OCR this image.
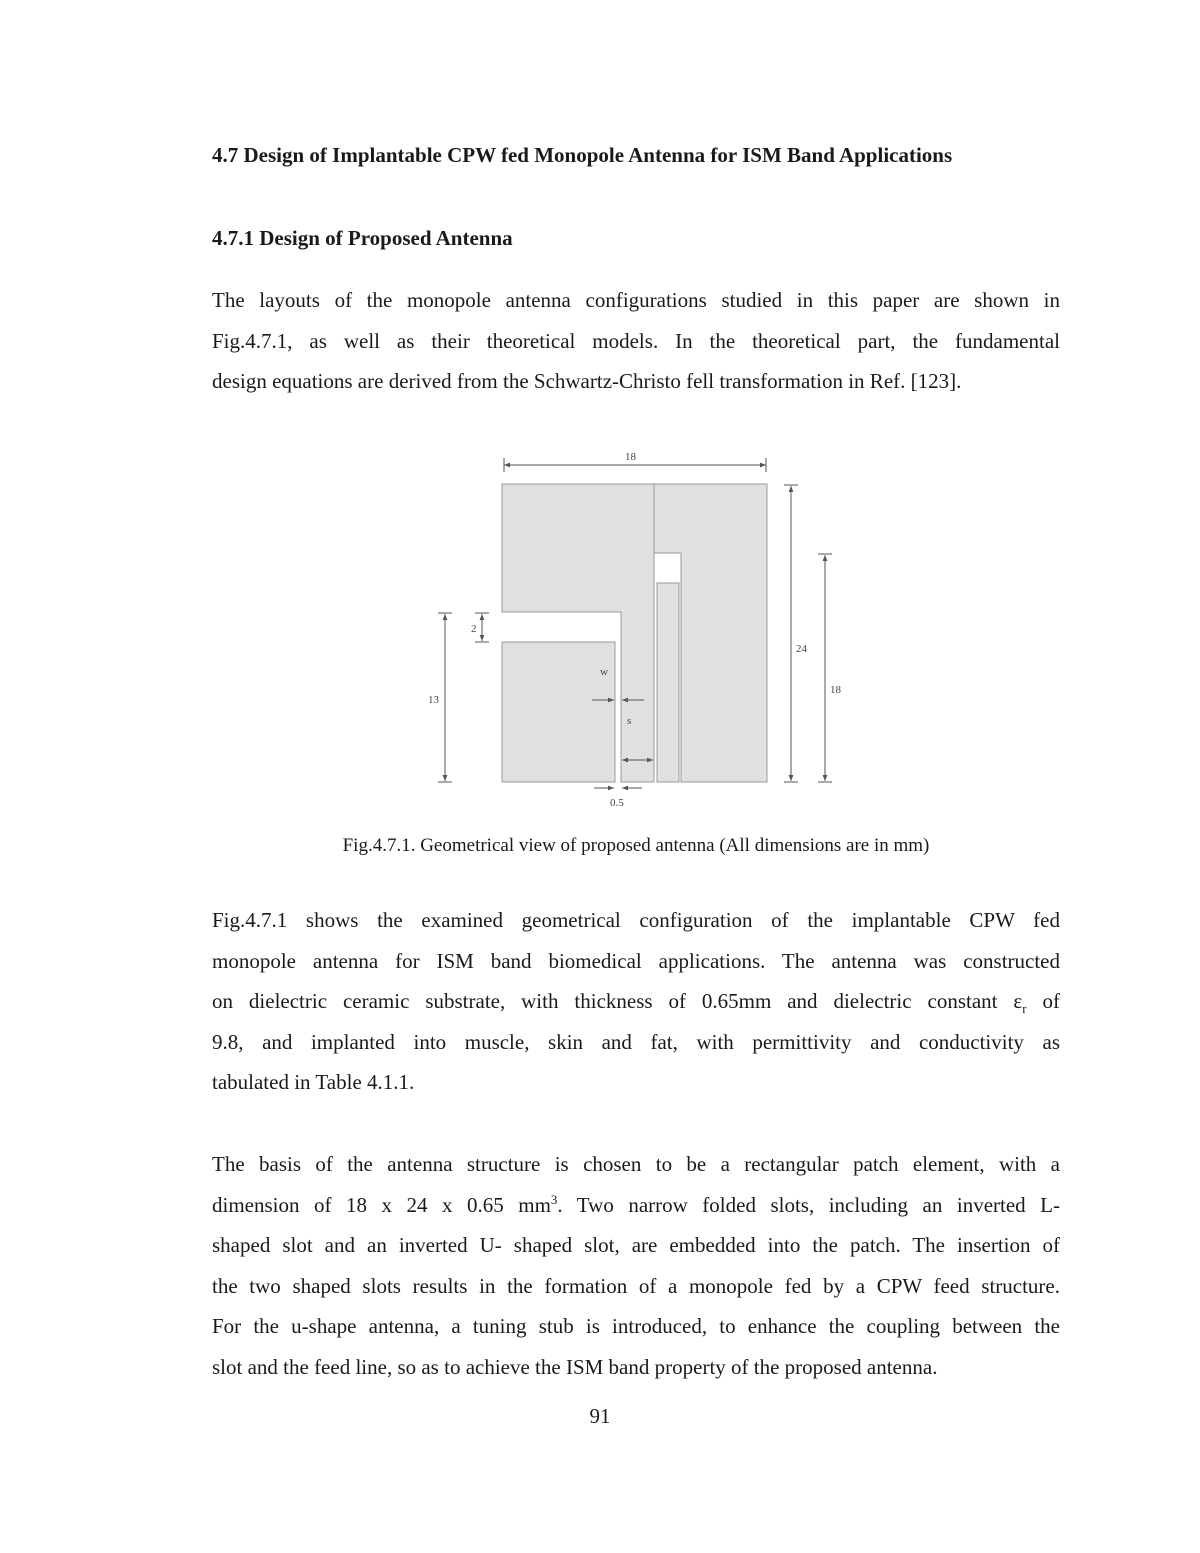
4.7 Design of Implantable CPW fed Monopole Antenna for ISM Band Applications
4.7.1 Design of Proposed Antenna
The layouts of the monopole antenna configurations studied in this paper are shown in
Fig.4.7.1, as well as their theoretical models. In the theoretical part, the fundamental
design equations are derived from the Schwartz-Christo fell transformation in Ref. [123].
18
24
18
13
2
w
s
0.5
Fig.4.7.1. Geometrical view of proposed antenna (All dimensions are in mm)
Fig.4.7.1 shows the examined geometrical configuration of the implantable CPW fed
monopole antenna for ISM band biomedical applications. The antenna was constructed
on dielectric ceramic substrate, with thickness of 0.65mm and dielectric constant $\varepsilon_r$ of
9.8, and implanted into muscle, skin and fat, with permittivity and conductivity as
tabulated in Table 4.1.1.
The basis of the antenna structure is chosen to be a rectangular patch element, with a
dimension of 18 x 24 x 0.65 $mm^3$. Two narrow folded slots, including an inverted L-
shaped slot and an inverted U- shaped slot, are embedded into the patch. The insertion of
the two shaped slots results in the formation of a monopole fed by a CPW feed structure.
For the u-shape antenna, a tuning stub is introduced, to enhance the coupling between the
slot and the feed line, so as to achieve the ISM band property of the proposed antenna.
91
